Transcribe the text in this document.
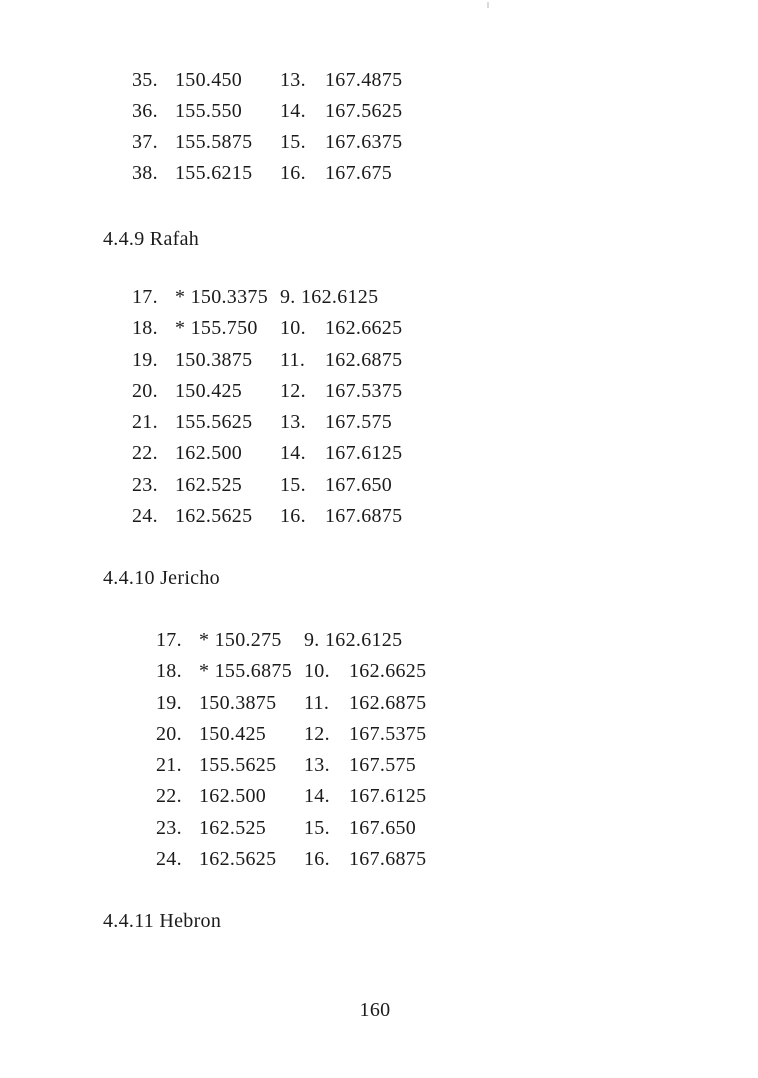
35. 150.450	13. 167.4875
36. 155.550	14. 167.5625
37. 155.5875	15. 167.6375
38. 155.6215	16. 167.675
4.4.9 Rafah
17. * 150.3375 9. 162.6125
18. * 155.750	10. 162.6625
19. 150.3875	11. 162.6875
20. 150.425	12. 167.5375
21. 155.5625	13. 167.575
22. 162.500	14. 167.6125
23. 162.525	15. 167.650
24. 162.5625	16. 167.6875
4.4.10 Jericho
17. * 150.275	9. 162.6125
18. * 155.6875 10. 162.6625
19. 150.3875	11. 162.6875
20. 150.425	12. 167.5375
21. 155.5625	13. 167.575
22. 162.500	14. 167.6125
23. 162.525	15. 167.650
24. 162.5625	16. 167.6875
4.4.11 Hebron
160
